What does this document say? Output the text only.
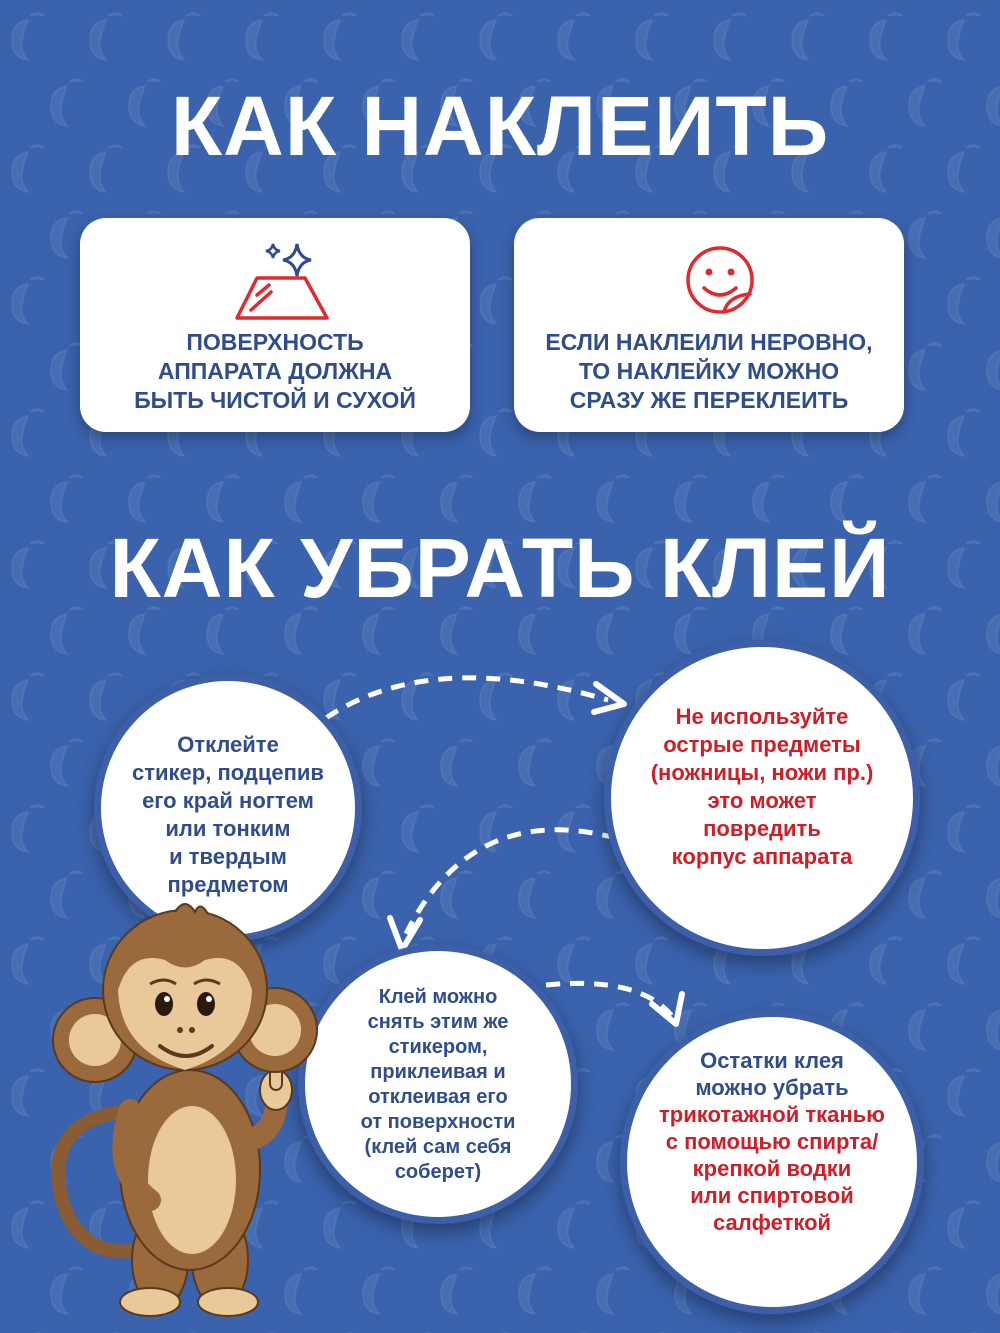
КАК НАКЛЕИТЬ
ПОВЕРХНОСТЬ
АППАРАТА ДОЛЖНА
БЫТЬ ЧИСТОЙ И СУХОЙ
ЕСЛИ НАКЛЕИЛИ НЕРОВНО,
ТО НАКЛЕЙКУ МОЖНО
СРАЗУ ЖЕ ПЕРЕКЛЕИТЬ
КАК УБРАТЬ КЛЕЙ
Отклейте
стикер, подцепив
его край ногтем
или тонким
и твердым
предметом
Не используйте
острые предметы
(ножницы, ножи пр.)
это может
повредить
корпус аппарата
Клей можно
снять этим же
стикером,
приклеивая и
отклеивая его
от поверхности
(клей сам себя
соберет)
Остатки клея
можно убрать
трикотажной тканью
с помощью спирта/
крепкой водки
или спиртовой
салфеткой
